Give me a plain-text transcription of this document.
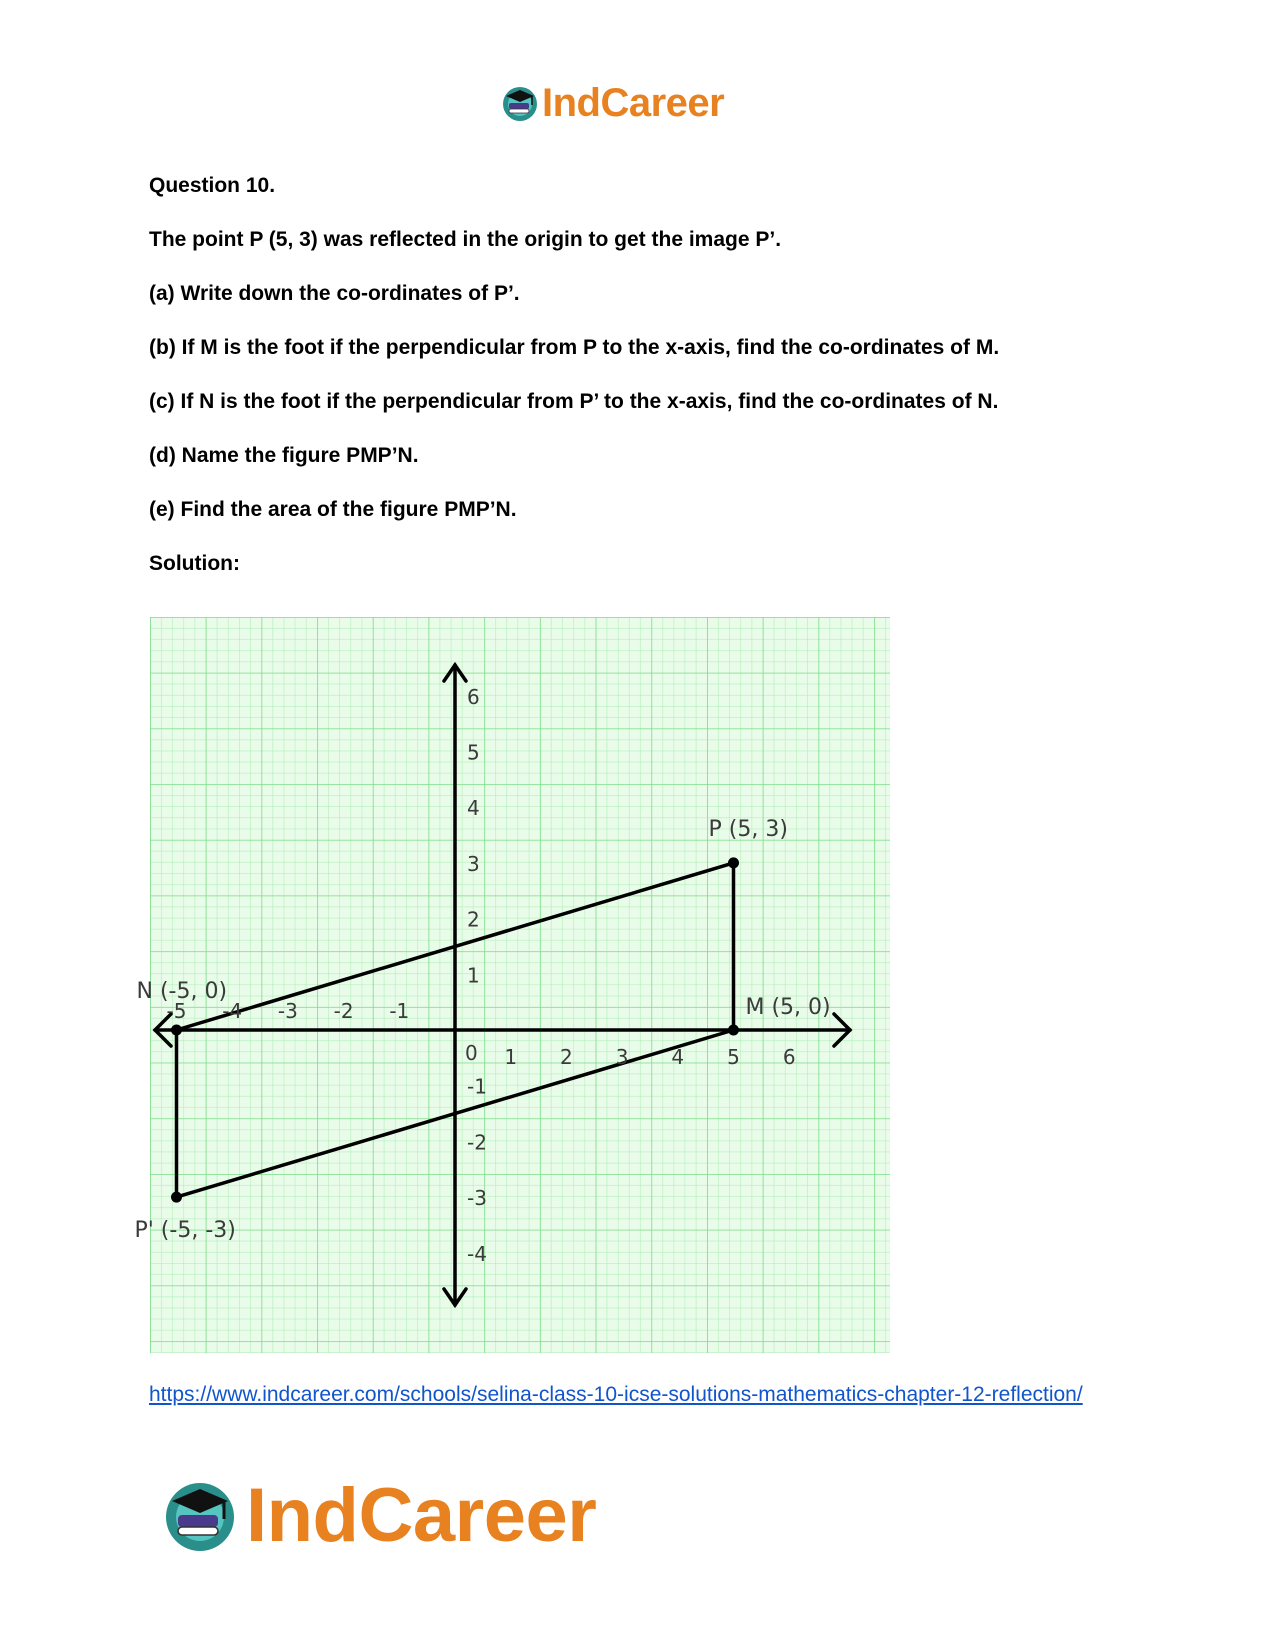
IndCareer
Question 10.
The point P (5, 3) was reflected in the origin to get the image P’.
(a) Write down the co-ordinates of P’.
(b) If M is the foot if the perpendicular from P to the x-axis, find the co-ordinates of M.
(c) If N is the foot if the perpendicular from P’ to the x-axis, find the co-ordinates of N.
(d) Name the figure PMP’N.
(e) Find the area of the figure PMP’N.
Solution:
-5 -4 -3 -2 -1
1 2 3 4 5 6
6
5
4
3
2
1
-1
-2
-3
-4
0
P (5, 3)
M (5, 0)
P' (-5, -3)
N (-5, 0)
https://www.indcareer.com/schools/selina-class-10-icse-solutions-mathematics-chapter-12-reflection/
IndCareer
